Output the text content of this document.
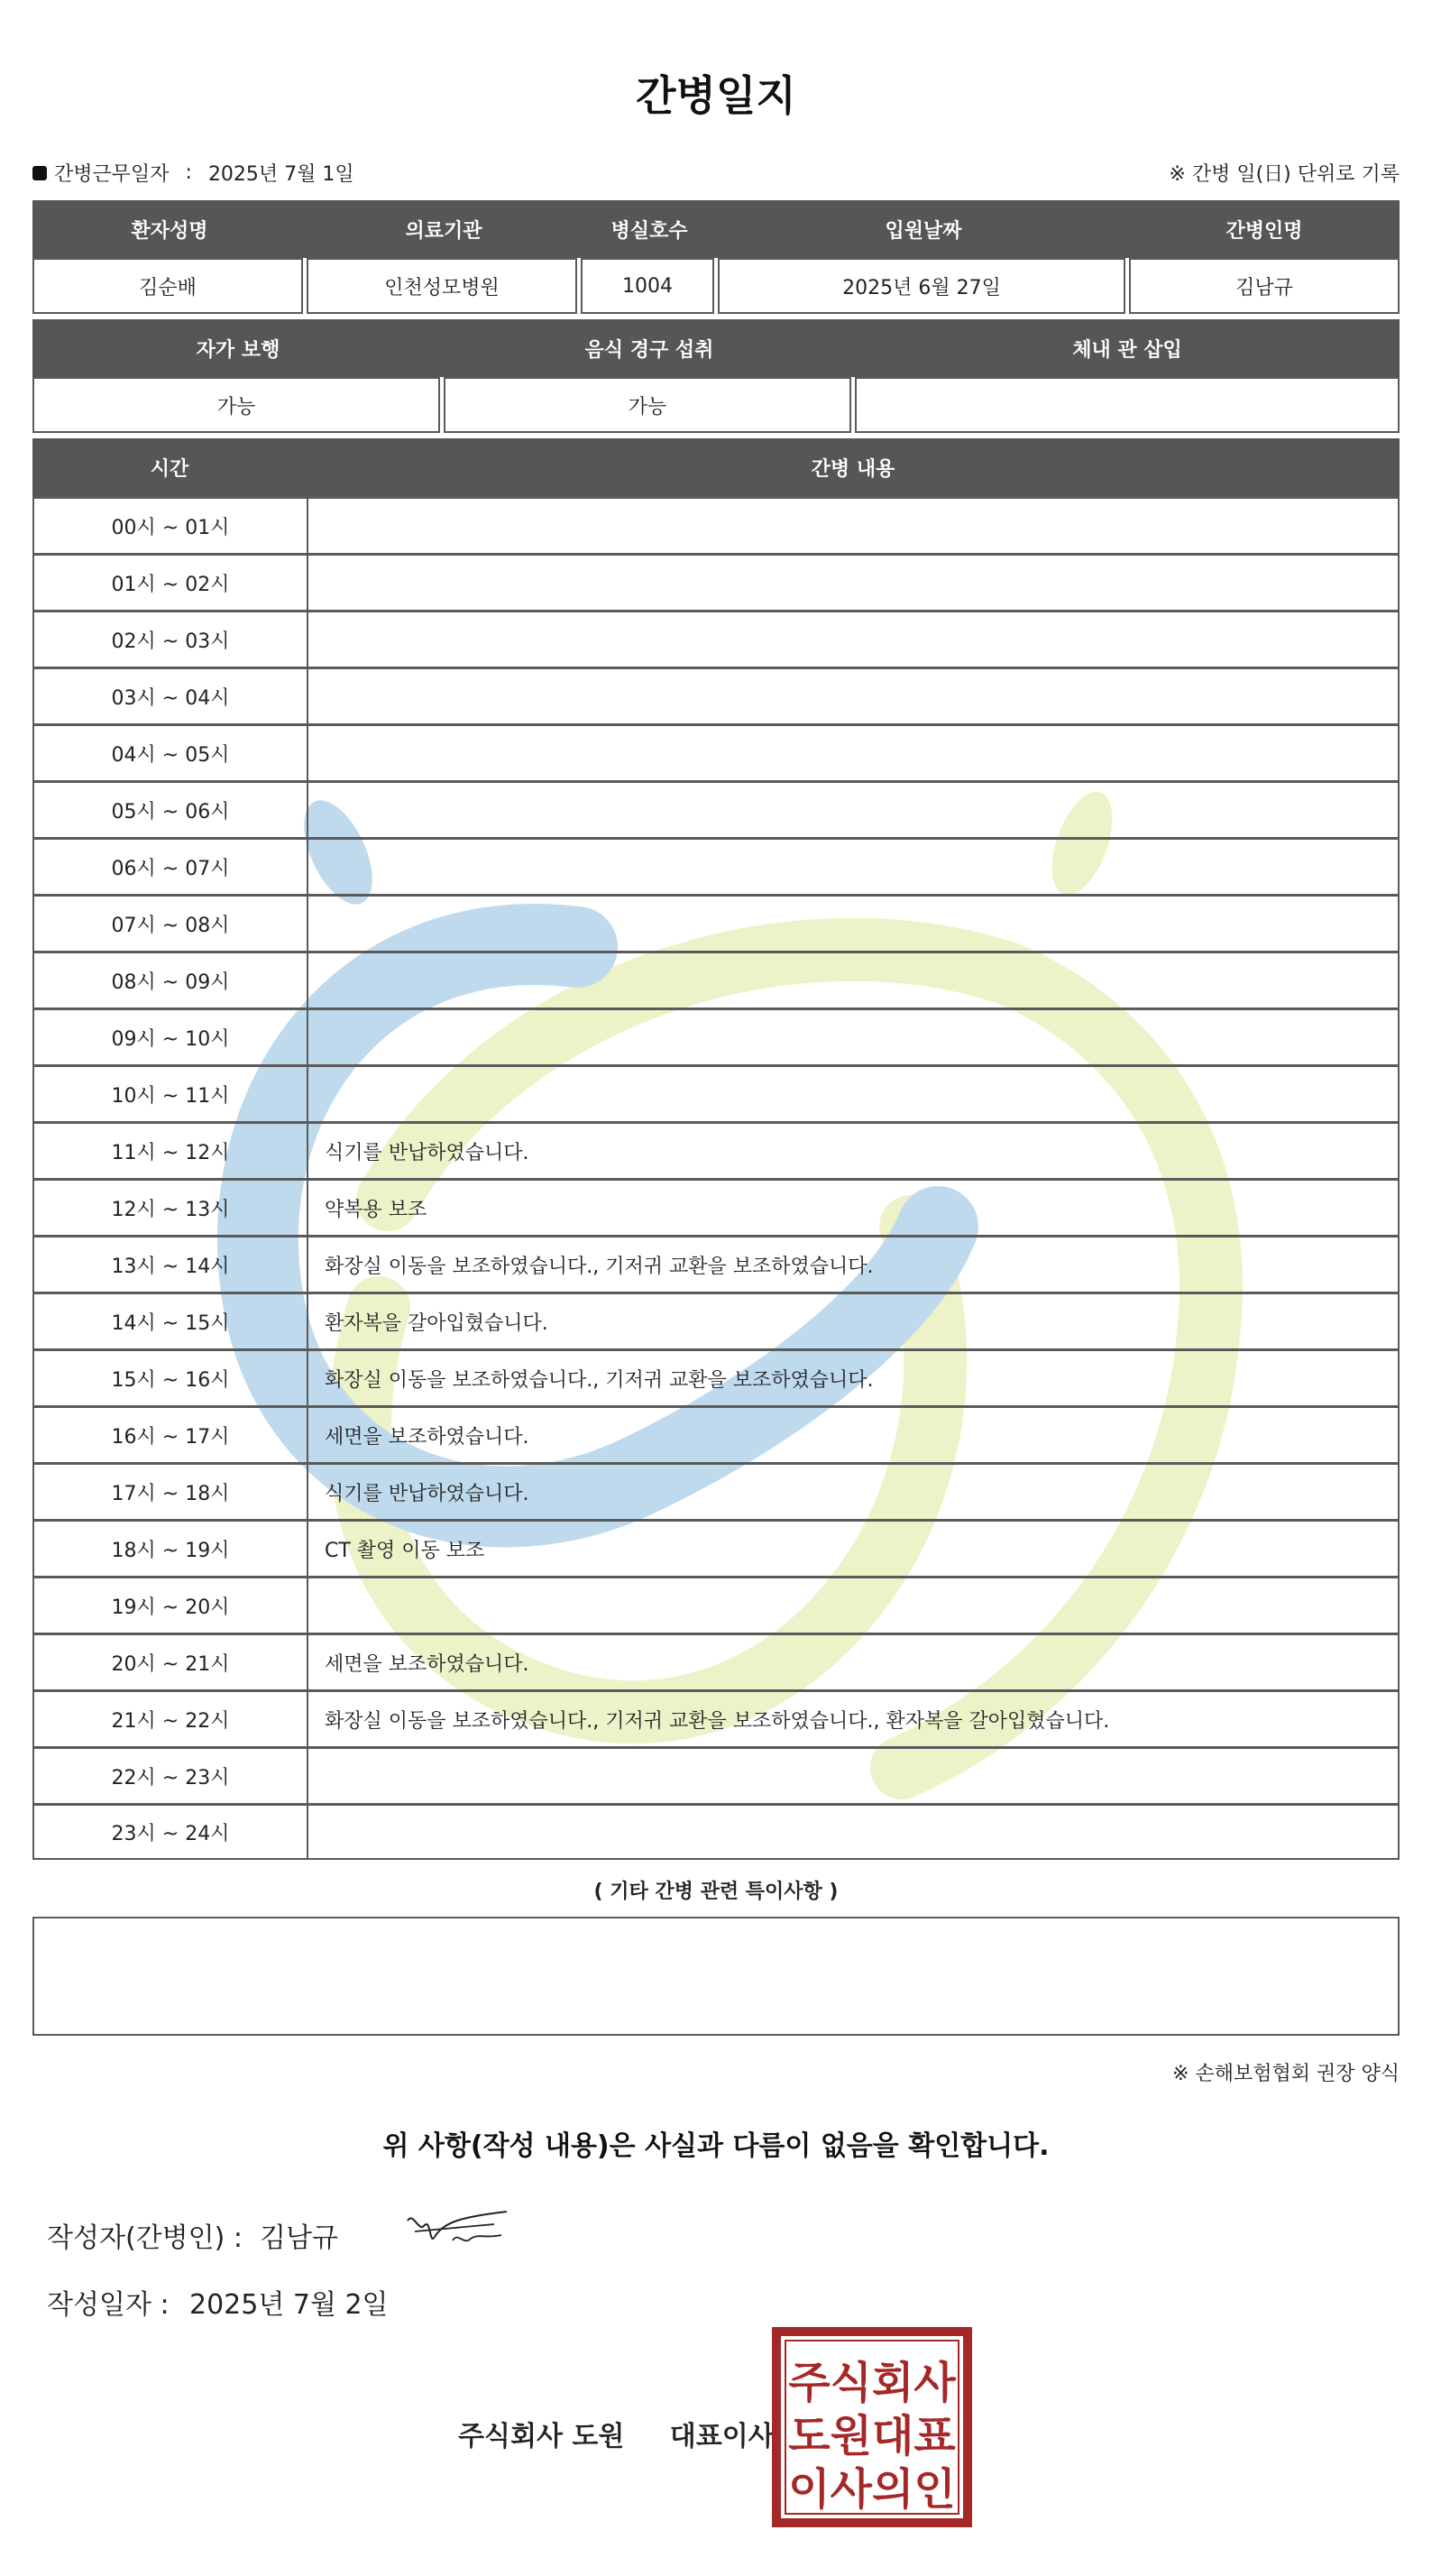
간병일지
간병근무일자 : 2025년 7월 1일	※ 간병 일(日) 단위로 기록
환자성명	의료기관	병실호수	입원날짜	간병인명
김순배	인천성모병원	1004	2025년 6월 27일	김남규
자가 보행	음식 경구 섭취	체내 관 삽입
가능	가능
시간	간병 내용
00시 ~ 01시
01시 ~ 02시
02시 ~ 03시
03시 ~ 04시
04시 ~ 05시
05시 ~ 06시
06시 ~ 07시
07시 ~ 08시
08시 ~ 09시
09시 ~ 10시
10시 ~ 11시
11시 ~ 12시	식기를 반납하였습니다.
12시 ~ 13시	약복용 보조
13시 ~ 14시	화장실 이동을 보조하였습니다., 기저귀 교환을 보조하였습니다.
14시 ~ 15시	환자복을 갈아입혔습니다.
15시 ~ 16시	화장실 이동을 보조하였습니다., 기저귀 교환을 보조하였습니다.
16시 ~ 17시	세면을 보조하였습니다.
17시 ~ 18시	식기를 반납하였습니다.
18시 ~ 19시	CT 촬영 이동 보조
19시 ~ 20시
20시 ~ 21시	세면을 보조하였습니다.
21시 ~ 22시	화장실 이동을 보조하였습니다., 기저귀 교환을 보조하였습니다., 환자복을 갈아입혔습니다.
22시 ~ 23시
23시 ~ 24시
( 기타 간병 관련 특이사항 )
※ 손해보험협회 권장 양식
위 사항(작성 내용)은 사실과 다름이 없음을 확인합니다.
작성자(간병인) : 김남규
작성일자 : 2025년 7월 2일
주식회사 도원 대표이사
주식회사
도원대표
이사의인
